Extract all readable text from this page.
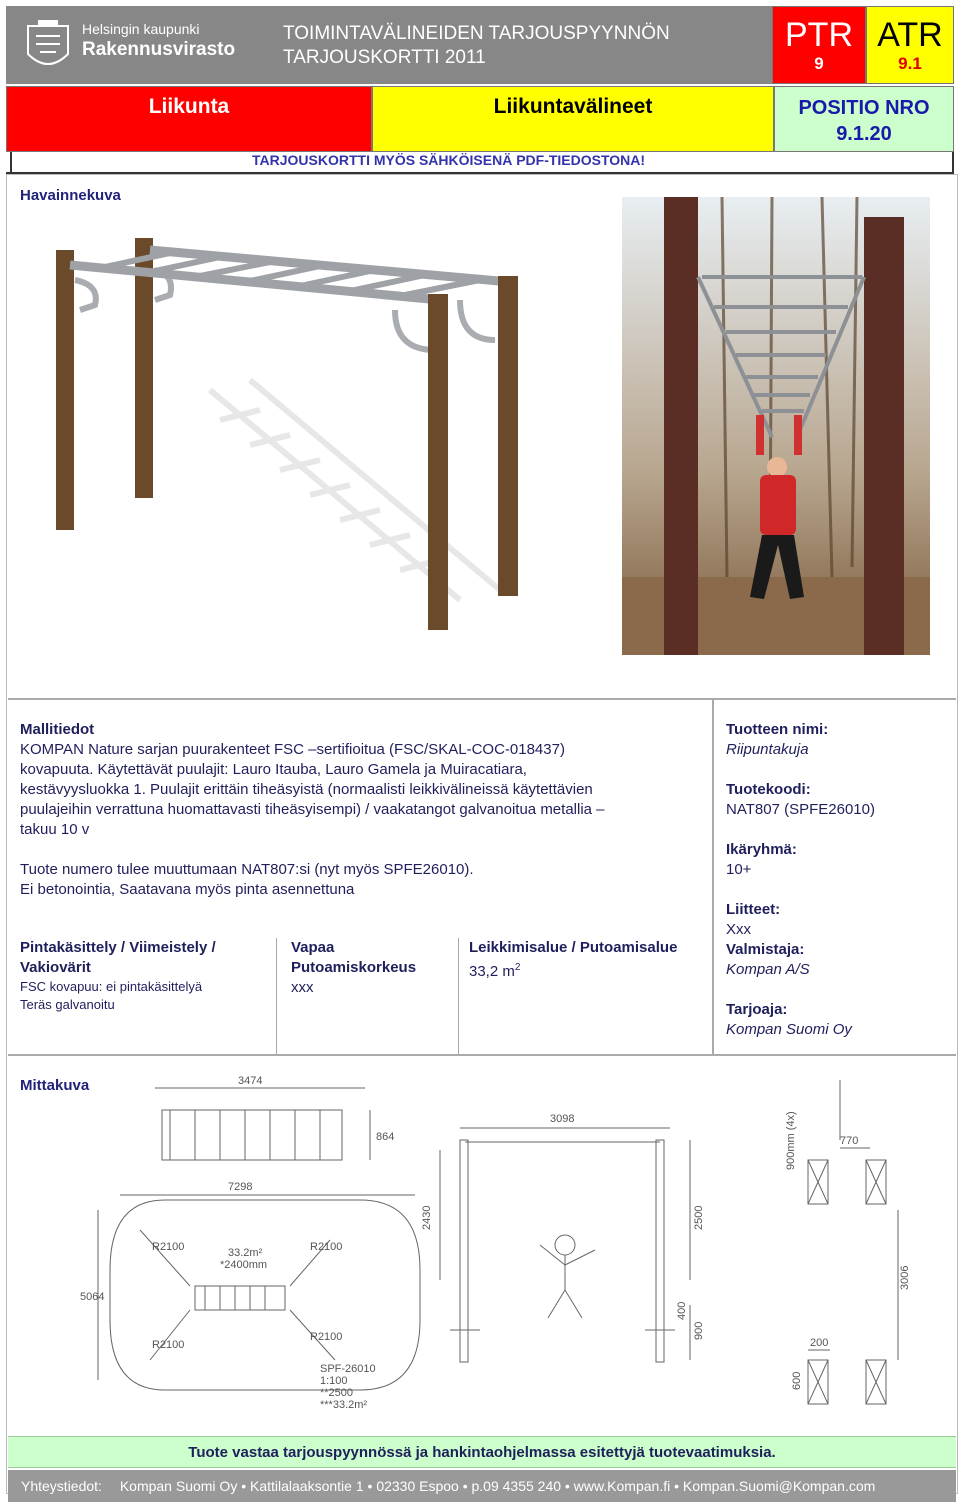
Helsingin kaupunki
Rakennusvirasto
TOIMINTAVÄLINEIDEN TARJOUSPYYNNÖN
TARJOUSKORTTI 2011
PTR
9
ATR
9.1
Liikunta	Liikuntavälineet	POSITIO NRO
9.1.20
TARJOUSKORTTI MYÖS SÄHKÖISENÄ PDF-TIEDOSTONA!
Havainnekuva

Mallitiedot

KOMPAN Nature sarjan puurakenteet FSC –sertifioitua (FSC/SKAL-COC-018437)

kovapuuta. Käytettävät puulajit: Lauro Itauba, Lauro Gamela ja Muiracatiara,

kestävyysluokka 1. Puulajit erittäin tiheäsyistä (normaalisti leikkivälineissä käytettävien

puulajeihin verrattuna huomattavasti tiheäsyisempi) / vaakatangot galvanoitua metallia –

takuu 10 v

Tuote numero tulee muuttumaan NAT807:si (nyt myös SPFE26010).

Ei betonointia, Saatavana myös pinta asennettuna

Pintakäsittely / Viimeistely /
Vakiovärit
FSC kovapuu: ei pintakäsittelyä
Teräs galvanoitu
Vapaa
Putoamiskorkeus
xxx
Leikkimisalue / Putoamisalue
33,2 $m^2$
Tuotteen nimi:
Riipuntakuja
Tuotekoodi:
NAT807 (SPFE26010)
Ikäryhmä:
10+
Liitteet:
Xxx
Valmistaja:
Kompan A/S
Tarjoaja:
Kompan Suomi Oy
Mittakuva	3474
864
7298
5064
R2100	R2100
R2100
R2100
33.2m²
*2400mm
SPF-26010
1:100
**2500
***33.2m²
3098
2430	2500
400
900
900mm (4x)	770
3006
200
600
Tuote vastaa tarjouspyynnössä ja hankintaohjelmassa esitettyjä tuotevaatimuksia.
Yhteystiedot: Kompan Suomi Oy • Kattilalaaksontie 1 • 02330 Espoo • p.09 4355 240 • www.Kompan.fi • Kompan.Suomi@Kompan.com
